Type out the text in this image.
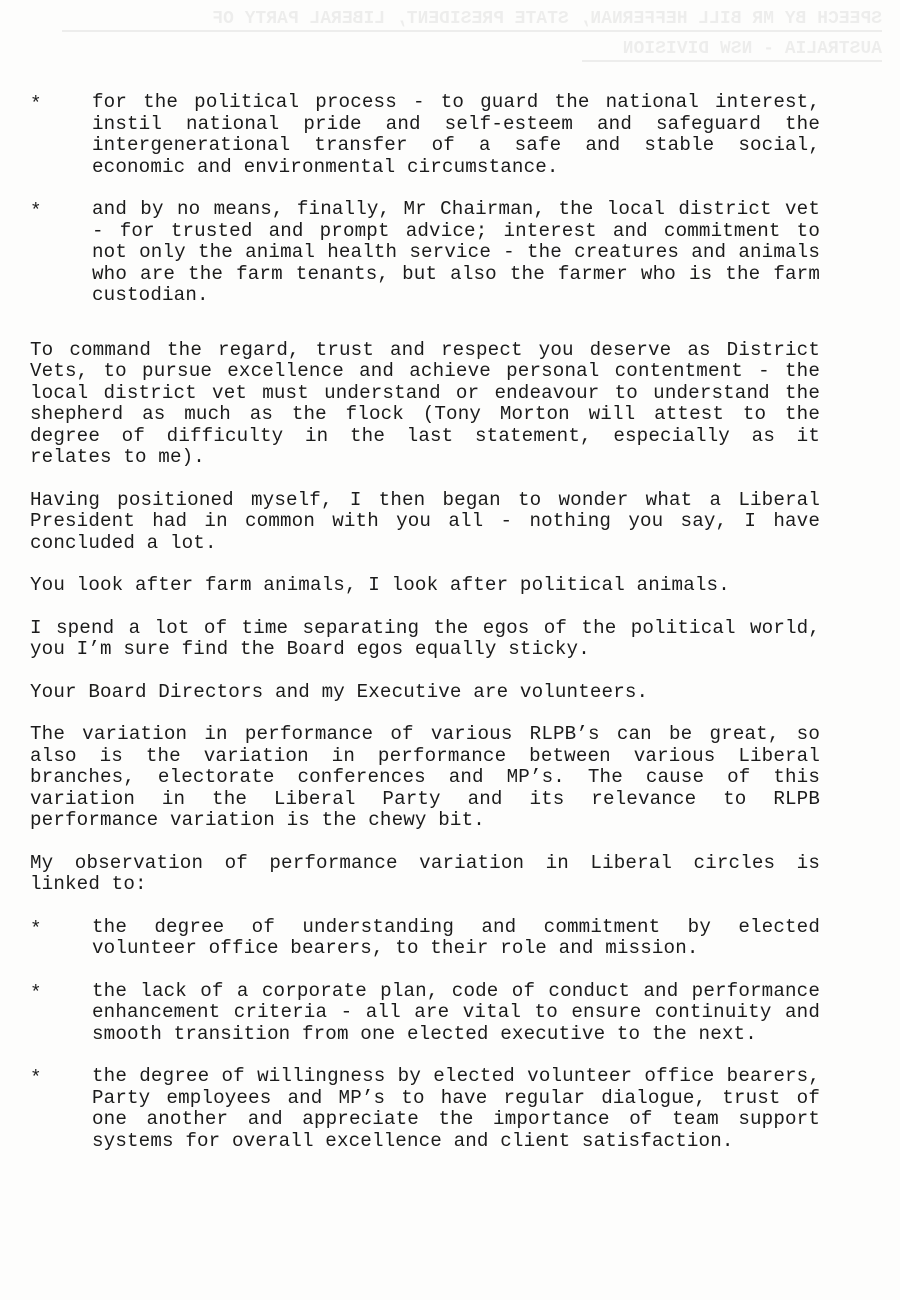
SPEECH BY MR BILL HEFFERNAN, STATE PRESIDENT, LIBERAL PARTY OF
AUSTRALIA - NSW DIVISION
*	for the political process - to guard the national interest, instil national pride and self-esteem and safeguard the intergenerational transfer of a safe and stable social, economic and environmental circumstance.
*	and by no means, finally, Mr Chairman, the local district vet - for trusted and prompt advice; interest and commitment to not only the animal health service - the creatures and animals who are the farm tenants, but also the farmer who is the farm custodian.

To command the regard, trust and respect you deserve as District Vets, to pursue excellence and achieve personal contentment - the local district vet must understand or endeavour to understand the shepherd as much as the flock (Tony Morton will attest to the degree of difficulty in the last statement, especially as it relates to me).

Having positioned myself, I then began to wonder what a Liberal President had in common with you all - nothing you say, I have concluded a lot.

You look after farm animals, I look after political animals.

I spend a lot of time separating the egos of the political world, you I’m sure find the Board egos equally sticky.

Your Board Directors and my Executive are volunteers.

The variation in performance of various RLPB’s can be great, so also is the variation in performance between various Liberal branches, electorate conferences and MP’s. The cause of this variation in the Liberal Party and its relevance to RLPB performance variation is the chewy bit.

My observation of performance variation in Liberal circles is linked to:

*	the degree of understanding and commitment by elected volunteer office bearers, to their role and mission.
*	the lack of a corporate plan, code of conduct and performance enhancement criteria - all are vital to ensure continuity and smooth transition from one elected executive to the next.
*	the degree of willingness by elected volunteer office bearers, Party employees and MP’s to have regular dialogue, trust of one another and appreciate the importance of team support systems for overall excellence and client satisfaction.
